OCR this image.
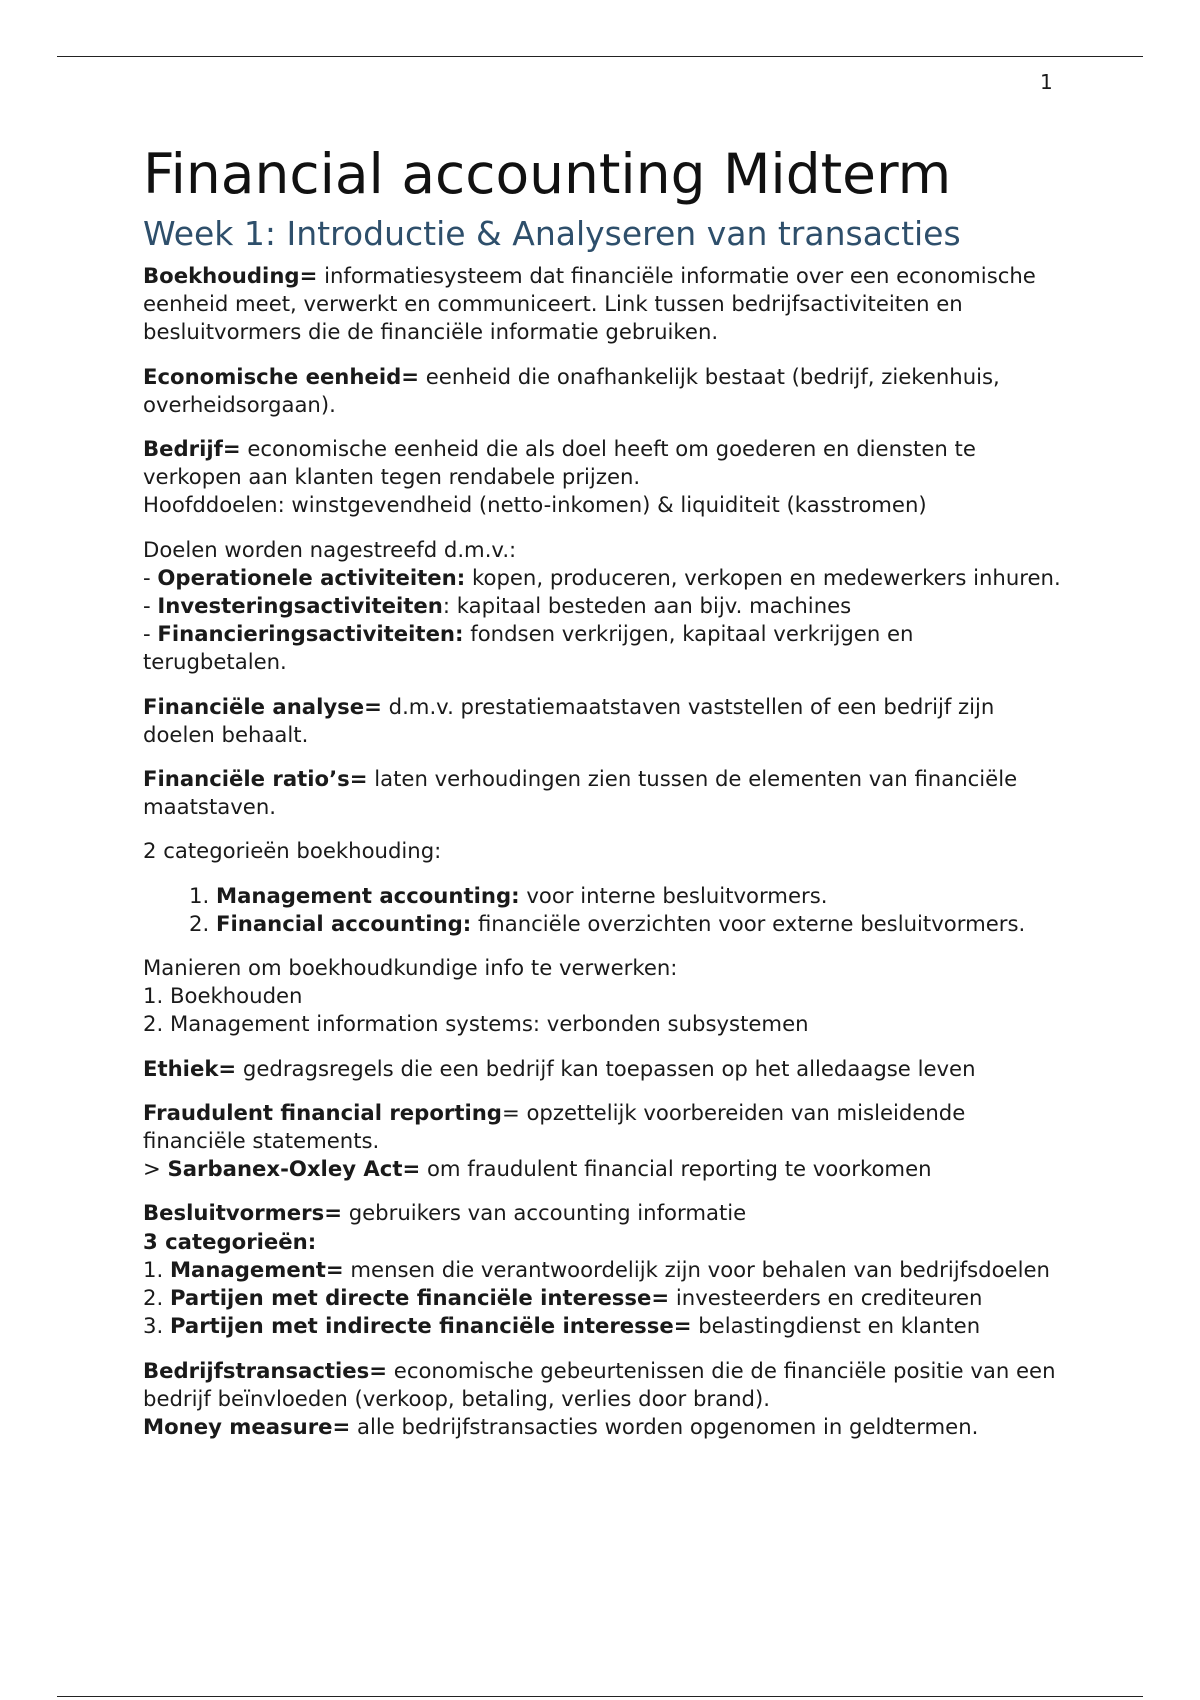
1
Financial accounting Midterm
Week 1: Introductie & Analyseren van transacties

Boekhouding= informatiesysteem dat financiële informatie over een economische eenheid meet, verwerkt en communiceert. Link tussen bedrijfsactiviteiten en besluitvormers die de financiële informatie gebruiken.

Economische eenheid= eenheid die onafhankelijk bestaat (bedrijf, ziekenhuis, overheidsorgaan).

Bedrijf= economische eenheid die als doel heeft om goederen en diensten te verkopen aan klanten tegen rendabele prijzen.
Hoofddoelen: winstgevendheid (netto-inkomen) & liquiditeit (kasstromen)

Doelen worden nagestreefd d.m.v.:
- Operationele activiteiten: kopen, produceren, verkopen en medewerkers inhuren.
- Investeringsactiviteiten: kapitaal besteden aan bijv. machines
- Financieringsactiviteiten: fondsen verkrijgen, kapitaal verkrijgen en terugbetalen.

Financiële analyse= d.m.v. prestatiemaatstaven vaststellen of een bedrijf zijn doelen behaalt.

Financiële ratio’s= laten verhoudingen zien tussen de elementen van financiële maatstaven.

2 categorieën boekhouding:

1. Management accounting: voor interne besluitvormers.
2. Financial accounting: financiële overzichten voor externe besluitvormers.

Manieren om boekhoudkundige info te verwerken:
1. Boekhouden
2. Management information systems: verbonden subsystemen

Ethiek= gedragsregels die een bedrijf kan toepassen op het alledaagse leven

Fraudulent financial reporting= opzettelijk voorbereiden van misleidende financiële statements.
> Sarbanex-Oxley Act= om fraudulent financial reporting te voorkomen

Besluitvormers= gebruikers van accounting informatie
3 categorieën:
1. Management= mensen die verantwoordelijk zijn voor behalen van bedrijfsdoelen
2. Partijen met directe financiële interesse= investeerders en crediteuren
3. Partijen met indirecte financiële interesse= belastingdienst en klanten

Bedrijfstransacties= economische gebeurtenissen die de financiële positie van een bedrijf beïnvloeden (verkoop, betaling, verlies door brand).
Money measure= alle bedrijfstransacties worden opgenomen in geldtermen.
